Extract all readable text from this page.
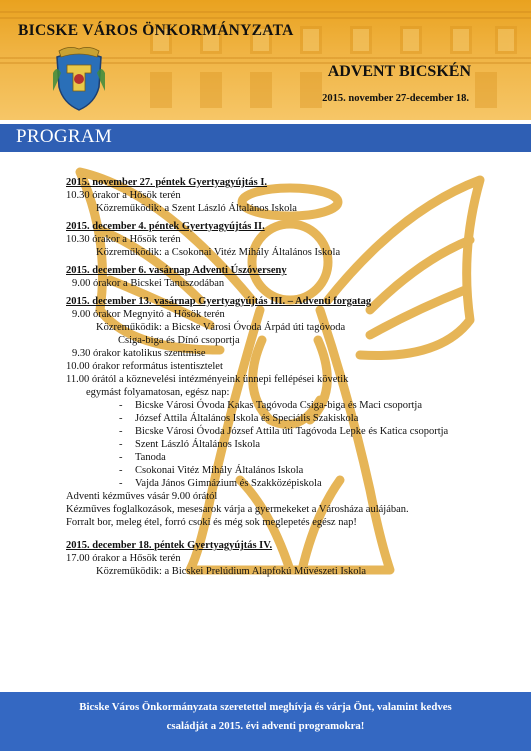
BICSKE VÁROS ÖNKORMÁNYZATA
ADVENT BICSKÉN
2015. november 27-december 18.
PROGRAM

2015. november 27. péntek Gyertyagyújtás I.

10.30 órakor a Hősök terén

Közreműködik: a Szent László Általános Iskola

2015. december 4. péntek Gyertyagyújtás II.

10.30 órakor a Hősök terén

Közreműködik: a Csokonai Vitéz Mihály Általános Iskola

2015. december 6. vasárnap Adventi Úszóverseny

9.00 órakor a Bicskei Tanuszodában

2015. december 13. vasárnap Gyertyagyújtás III. – Adventi forgatag

9.00 órakor Megnyitó a Hősök terén

Közreműködik: a Bicske Városi Óvoda Árpád úti tagóvoda

Csiga-biga és Dínó csoportja

9.30 órakor katolikus szentmise

10.00 órakor református istentisztelet

11.00 órától a köznevelési intézményeink ünnepi fellépései követik

egymást folyamatosan, egész nap:

- Bicske Városi Óvoda Kakas Tagóvoda Csiga-biga és Maci csoportja
- József Attila Általános Iskola és Speciális Szakiskola
- Bicske Városi Óvoda József Attila úti Tagóvoda Lepke és Katica csoportja
- Szent László Általános Iskola
- Tanoda
- Csokonai Vitéz Mihály Általános Iskola
- Vajda János Gimnázium és Szakközépiskola

Adventi kézműves vásár 9.00 órától

Kézműves foglalkozások, mesesarok várja a gyermekeket a Városháza aulájában.

Forralt bor, meleg étel, forró csoki és még sok meglepetés egész nap!

2015. december 18. péntek Gyertyagyújtás IV.

17.00 órakor a Hősök terén

Közreműködik: a Bicskei Prelúdium Alapfokú Művészeti Iskola

Bicske Város Önkormányzata szeretettel meghívja és várja Önt, valamint kedves
családját a 2015. évi adventi programokra!
